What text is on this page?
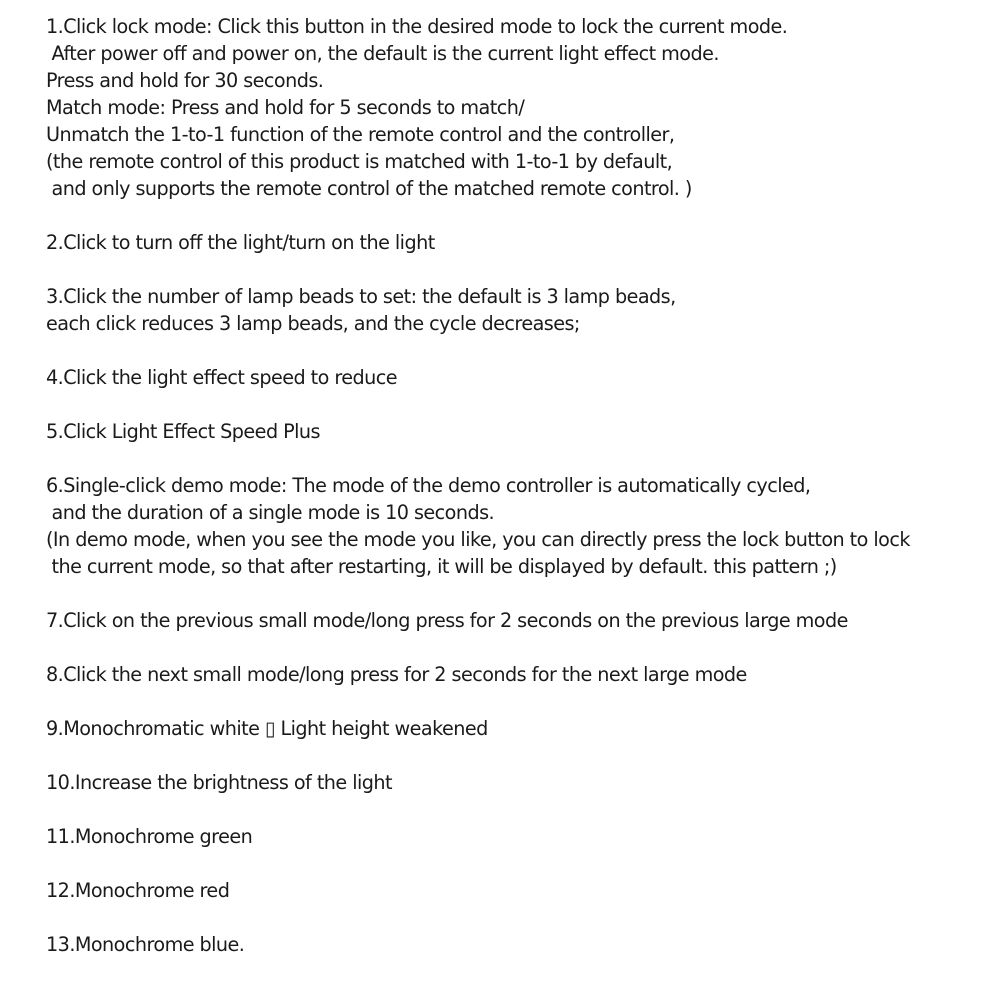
1.Click lock mode: Click this button in the desired mode to lock the current mode.
After power off and power on, the default is the current light effect mode.
Press and hold for 30 seconds.
Match mode: Press and hold for 5 seconds to match/
Unmatch the 1-to-1 function of the remote control and the controller,
(the remote control of this product is matched with 1-to-1 by default,
and only supports the remote control of the matched remote control. )
2.Click to turn off the light/turn on the light
3.Click the number of lamp beads to set: the default is 3 lamp beads,
each click reduces 3 lamp beads, and the cycle decreases;
4.Click the light effect speed to reduce
5.Click Light Effect Speed Plus
6.Single-click demo mode: The mode of the demo controller is automatically cycled,
and the duration of a single mode is 10 seconds.
(In demo mode, when you see the mode you like, you can directly press the lock button to lock
the current mode, so that after restarting, it will be displayed by default. this pattern ;)
7.Click on the previous small mode/long press for 2 seconds on the previous large mode
8.Click the next small mode/long press for 2 seconds for the next large mode
9.Monochromatic white ▯ Light height weakened
10.Increase the brightness of the light
11.Monochrome green
12.Monochrome red
13.Monochrome blue.
